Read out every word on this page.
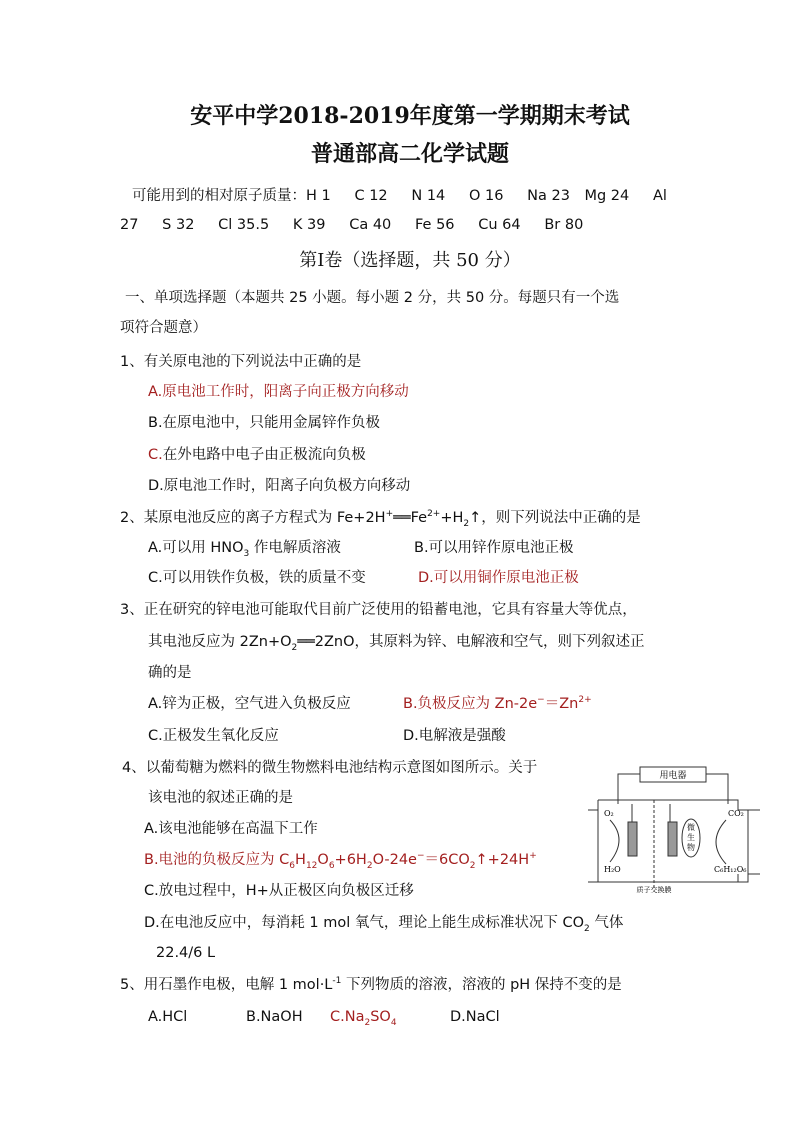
安平中学2018-2019年度第一学期期末考试
普通部高二化学试题
可能用到的相对原子质量：H 1　  C 12　  N 14　  O 16　  Na 23　Mg 24　  Al
27　  S 32　  Cl 35.5　  K 39　  Ca 40　  Fe 56　  Cu 64　  Br 80
第Ⅰ卷（选择题，共 50 分）
一、单项选择题（本题共 25 小题。每小题 2 分，共 50 分。每题只有一个选
项符合题意）
1、有关原电池的下列说法中正确的是
A.原电池工作时，阳离子向正极方向移动
B.在原电池中，只能用金属锌作负极
C.在外电路中电子由正极流向负极
D.原电池工作时，阳离子向负极方向移动
2、某原电池反应的离子方程式为 $Fe+2H^+══Fe^{2+}+H_2↑$，则下列说法中正确的是
A.可以用 $HNO_3$ 作电解质溶液	B.可以用锌作原电池正极
C.可以用铁作负极，铁的质量不变	D.可以用铜作原电池正极
3、正在研究的锌电池可能取代目前广泛使用的铅蓄电池，它具有容量大等优点，
其电池反应为 $2Zn+O_2══2ZnO$，其原料为锌、电解液和空气，则下列叙述正
确的是
A.锌为正极，空气进入负极反应	B.负极反应为 $Zn-2e^-=Zn^{2+}$
C.正极发生氧化反应	D.电解液是强酸
4、以葡萄糖为燃料的微生物燃料电池结构示意图如图所示。关于
该电池的叙述正确的是
A.该电池能够在高温下工作
B.电池的负极反应为 $C_6H_{12}O_6+6H_2O-24e^-=6CO_2↑+24H^+$
C.放电过程中，H+从正极区向负极区迁移
D.在电池反应中，每消耗 1 mol 氧气，理论上能生成标准状况下 $CO_2$ 气体
22.4/6 L
用电器
微
生
物
O₂	CO₂
H₂O	C₆H₁₂O₆
质子交换膜
5、用石墨作电极，电解 1 $mol\cdot L^{-1}$ 下列物质的溶液，溶液的 pH 保持不变的是
A.HCl	B.NaOH $C.Na_2SO_4$	D.NaCl
